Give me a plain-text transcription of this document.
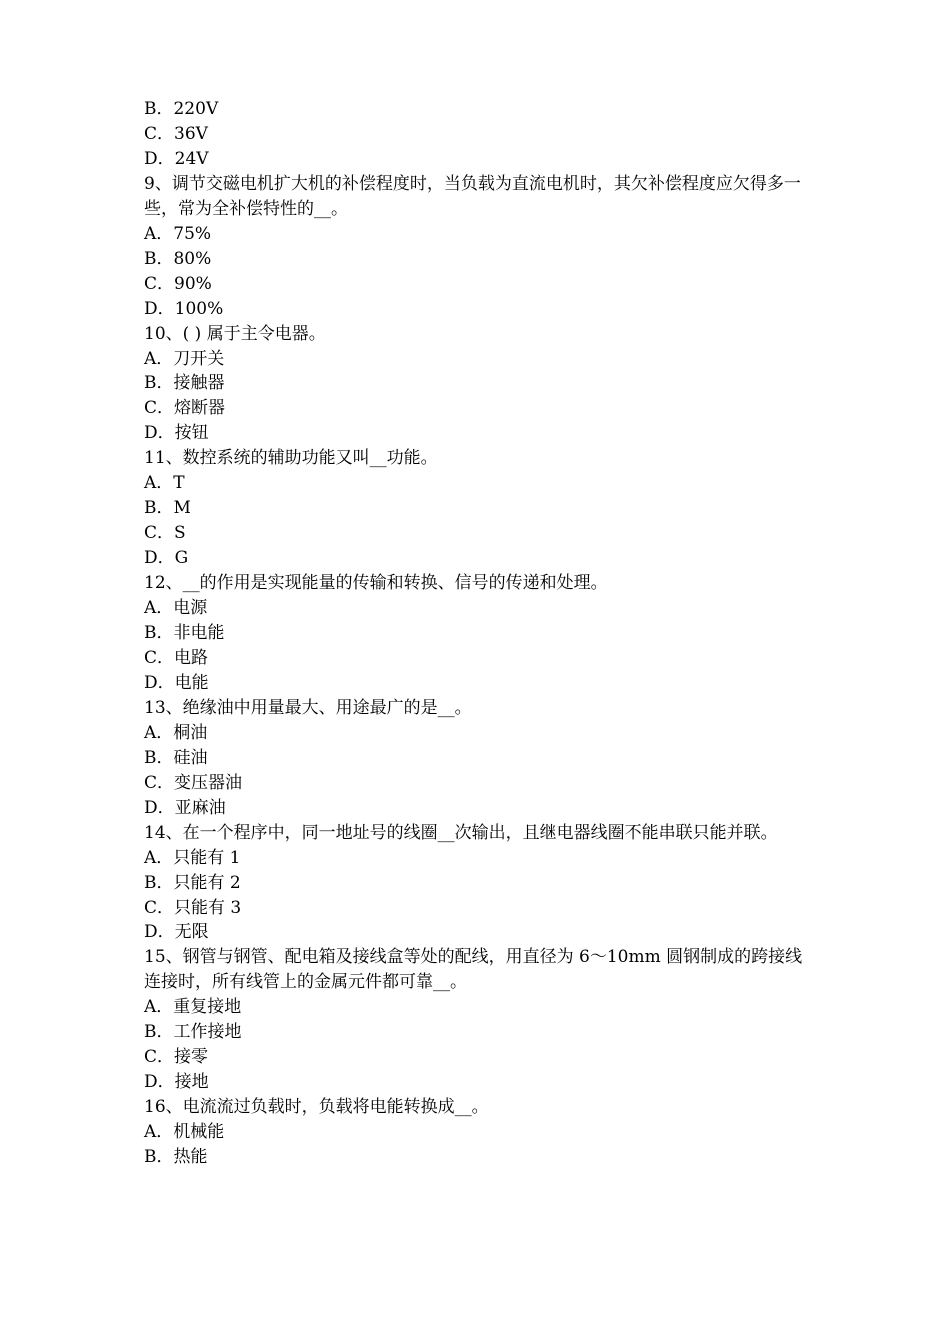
B．220V
C．36V
D．24V
9、调节交磁电机扩大机的补偿程度时，当负载为直流电机时，其欠补偿程度应欠得多一些，常为全补偿特性的__。
A．75%
B．80%
C．90%
D．100%
10、( ) 属于主令电器。
A．刀开关
B．接触器
C．熔断器
D．按钮
11、数控系统的辅助功能又叫__功能。
A．T
B．M
C．S
D．G
12、__的作用是实现能量的传输和转换、信号的传递和处理。
A．电源
B．非电能
C．电路
D．电能
13、绝缘油中用量最大、用途最广的是__。
A．桐油
B．硅油
C．变压器油
D．亚麻油
14、在一个程序中，同一地址号的线圈__次输出，且继电器线圈不能串联只能并联。
A．只能有 1
B．只能有 2
C．只能有 3
D．无限
15、钢管与钢管、配电箱及接线盒等处的配线，用直径为 6～10mm 圆钢制成的跨接线连接时，所有线管上的金属元件都可靠__。
A．重复接地
B．工作接地
C．接零
D．接地
16、电流流过负载时，负载将电能转换成__。
A．机械能
B．热能
